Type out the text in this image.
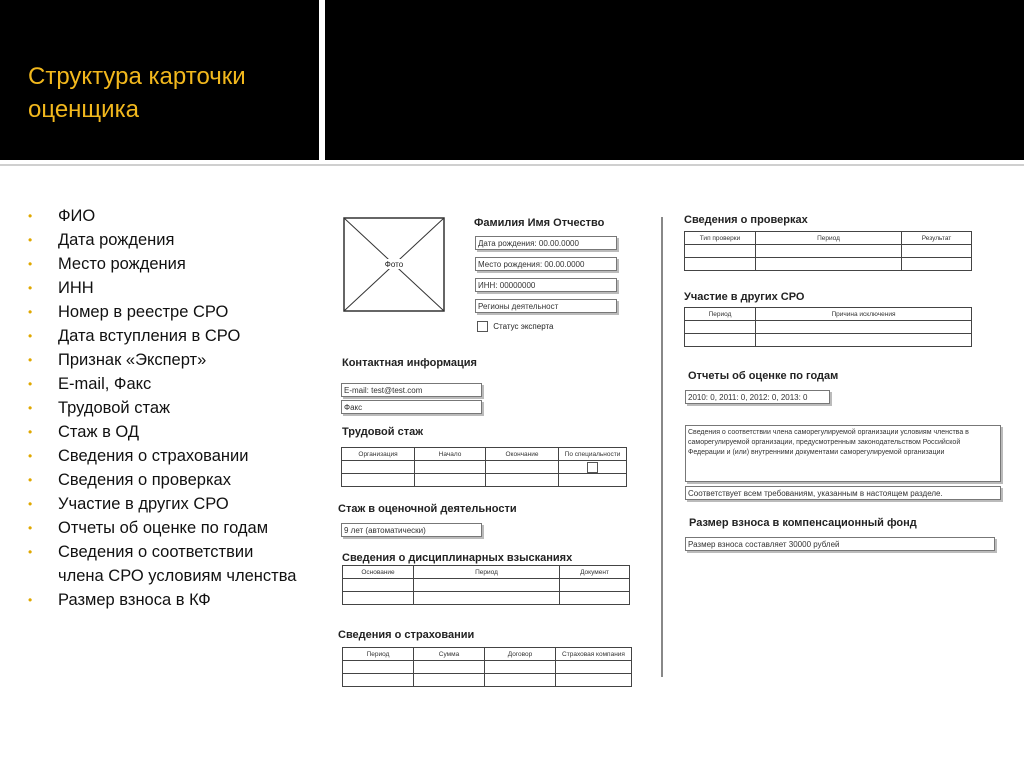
Структура карточки
оценщика
• ФИО
• Дата рождения
• Место рождения
• ИНН
• Номер в реестре СРО
• Дата вступления в СРО
• Признак «Эксперт»
• E-mail, Факс
• Трудовой стаж
• Стаж в ОД
• Сведения о страховании
• Сведения о проверках
• Участие в других СРО
• Отчеты об оценке по годам
• Сведения о соответствии члена СРО условиям членства
• Размер взноса в КФ
Фото
Фамилия Имя Отчество
Дата рождения: 00.00.0000
Место рождения: 00.00.0000
ИНН: 00000000
Регионы деятельност
Статус эксперта
Контактная информация
E-mail: test@test.com
Факс
Трудовой стаж
Организация	Начало	Окончание	По специальности

Стаж в оценочной деятельности
9 лет (автоматически)
Сведения о дисциплинарных взысканиях
Основание	Период	Документ

Сведения о страховании
Период	Сумма	Договор	Страховая компания

Сведения о проверках
Тип проверки	Период	Результат

Участие в других СРО
Период	Причина исключения

Отчеты об оценке по годам
2010: 0, 2011: 0, 2012: 0, 2013: 0
Сведения о соответствии члена саморегулируемой организации условиям членства в саморегулируемой организации, предусмотренным законодательством Российской Федерации и (или) внутренними документами саморегулируемой организации
Соответствует всем требованиям, указанным в настоящем разделе.
Размер взноса в компенсационный фонд
Размер взноса составляет 30000 рублей
